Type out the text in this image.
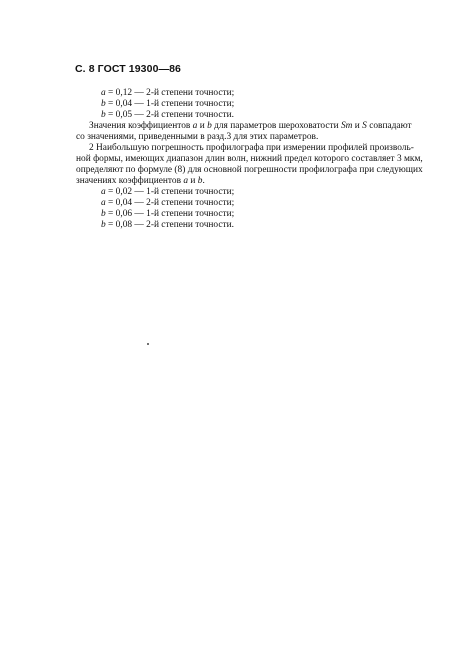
С. 8 ГОСТ 19300—86
a = 0,12 — 2-й степени точности;
b = 0,04 — 1-й степени точности;
b = 0,05 — 2-й степени точности.
Значения коэффициентов a и b для параметров шероховатости Sm и S совпадают
со значениями, приведенными в разд.3 для этих параметров.
2 Наибольшую погрешность профилографа при измерении профилей произволь-
ной формы, имеющих диапазон длин волн, нижний предел которого составляет 3 мкм,
определяют по формуле (8) для основной погрешности профилографа при следующих
значениях коэффициентов a и b.
a = 0,02 — 1-й степени точности;
a = 0,04 — 2-й степени точности;
b = 0,06 — 1-й степени точности;
b = 0,08 — 2-й степени точности.
